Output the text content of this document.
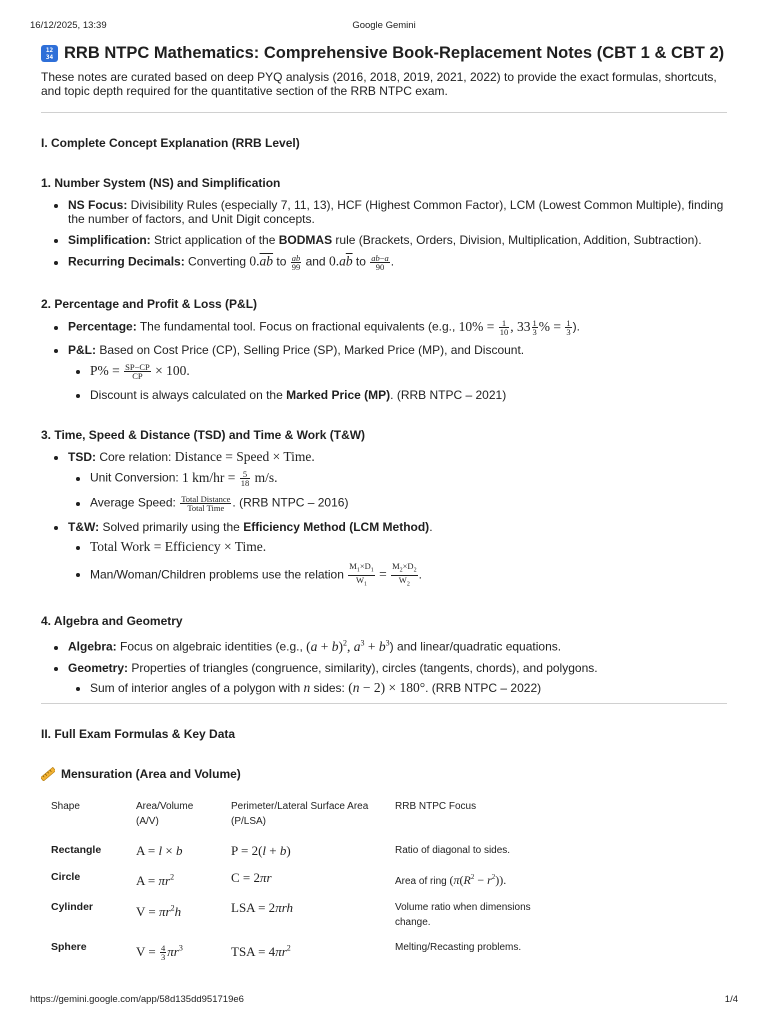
16/12/2025, 13:39	Google Gemini
12
34 RRB NTPC Mathematics: Comprehensive Book-Replacement Notes (CBT 1 & CBT 2)

These notes are curated based on deep PYQ analysis (2016, 2018, 2019, 2021, 2022) to provide the exact formulas, shortcuts, and topic depth required for the quantitative section of the RRB NTPC exam.

I. Complete Concept Explanation (RRB Level)
1. Number System (NS) and Simplification
• NS Focus: Divisibility Rules (especially 7, 11, 13), HCF (Highest Common Factor), LCM (Lowest Common Multiple), finding the number of factors, and Unit Digit concepts.
• Simplification: Strict application of the BODMAS rule (Brackets, Orders, Division, Multiplication, Addition, Subtraction).
• Recurring Decimals: Converting $0.\overline{ab}$ to $\frac{ab}{99}$ and $0.a\overline{b}$ to $\frac{ab-a}{90}$ .
2. Percentage and Profit & Loss (P&L)
• Percentage: The fundamental tool. Focus on fractional equivalents (e.g., $10\% = \frac{1}{10}$ , $33 \frac{1}{3}$ % = $\frac{1}{3}$ ).
• P&L: Based on Cost Price (CP), Selling Price (SP), Marked Price (MP), and Discount.
• $P\% = \frac{SP-CP}{CP} \times 100$.
• Discount is always calculated on the Marked Price (MP). (RRB NTPC – 2021)
3. Time, Speed & Distance (TSD) and Time & Work (T&W)
• TSD: Core relation: Distance = Speed × Time.
• Unit Conversion: 1 $km/hr = \frac{5}{18} m/s$.
• Average Speed: $\frac{\text{Total Distance}}{\text{Total Time}}$ . (RRB NTPC – 2016)
• T&W: Solved primarily using the Efficiency Method (LCM Method).
• Total Work = Efficiency × Time.
• Man/Woman/Children problems use the relation $\frac{M_1\times D_1}{W_1} = \frac{M_2\times D_2}{W_2}$ .
4. Algebra and Geometry
• Algebra: Focus on algebraic identities (e.g., $(a + b)^2$, $a^3 + b^3$) and linear/quadratic equations.
• Geometry: Properties of triangles (congruence, similarity), circles (tangents, chords), and polygons.
• Sum of interior angles of a polygon with n sides: (n − 2) × 180°. (RRB NTPC – 2022)
II. Full Exam Formulas & Key Data
Mensuration (Area and Volume)
Shape	Area/Volume (A/V)	Perimeter/Lateral Surface Area (P/LSA)	RRB NTPC Focus
Rectangle	A = l × b	P = 2(l + b)	Ratio of diagonal to sides.
Circle	$A = \pi r^2$	C = 2πr	Area of ring $(\pi(R^2 - r^2))$.
Cylinder	$V = \pi r^2h$	LSA = 2πrh	Volume ratio when dimensions change.
Sphere	$V = \frac{4}{3} \pi r^3$	TSA = $4\pi r^2$	Melting/Recasting problems.
https://gemini.google.com/app/58d135dd951719e6	1/4
